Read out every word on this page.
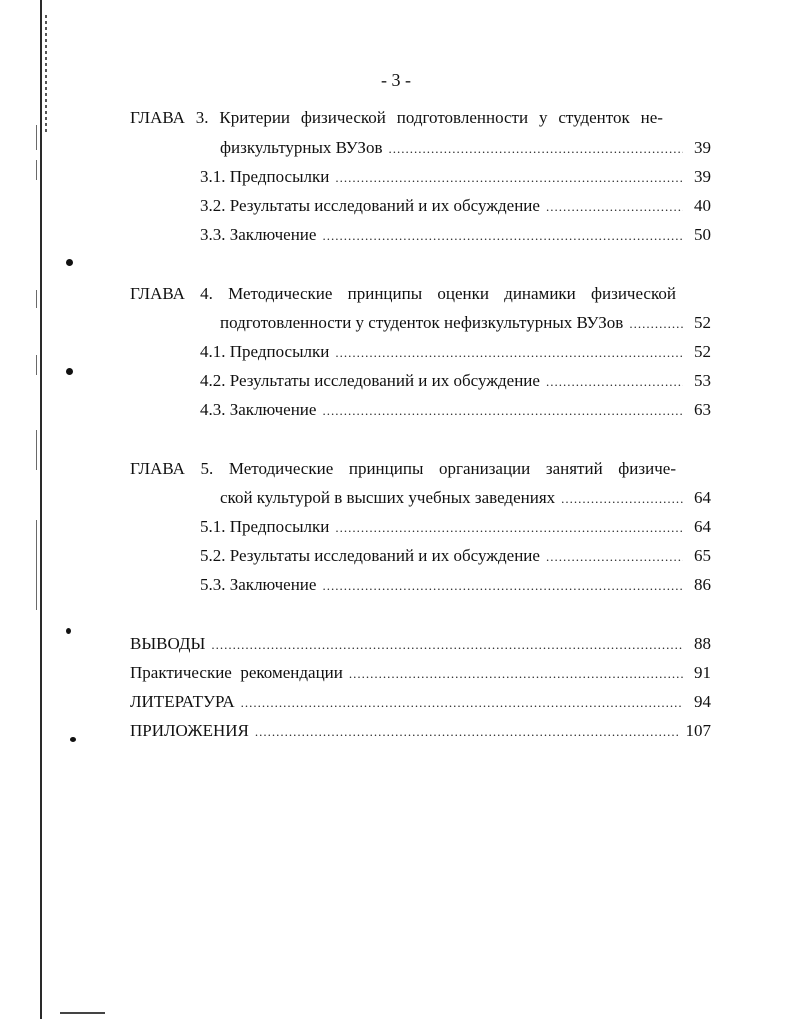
- 3 -
ГЛАВА 3. Критерии физической подготовленности у студенток не-
физкультурных ВУЗов .....	39
3.1. Предпосылки .....	39
3.2. Результаты исследований и их обсуждение .....	40
3.3. Заключение .....	50
ГЛАВА 4. Методические принципы оценки динамики физической
подготовленности у студенток нефизкультурных ВУЗов .....	52
4.1. Предпосылки .....	52
4.2. Результаты исследований и их обсуждение .....	53
4.3. Заключение .....	63
ГЛАВА 5. Методические принципы организации занятий физиче-
ской культурой в высших учебных заведениях .....	64
5.1. Предпосылки .....	64
5.2. Результаты исследований и их обсуждение .....	65
5.3. Заключение .....	86
ВЫВОДЫ .....	88
Практические  рекомендации .....	91
ЛИТЕРАТУРА .....	94
ПРИЛОЖЕНИЯ .....	107
